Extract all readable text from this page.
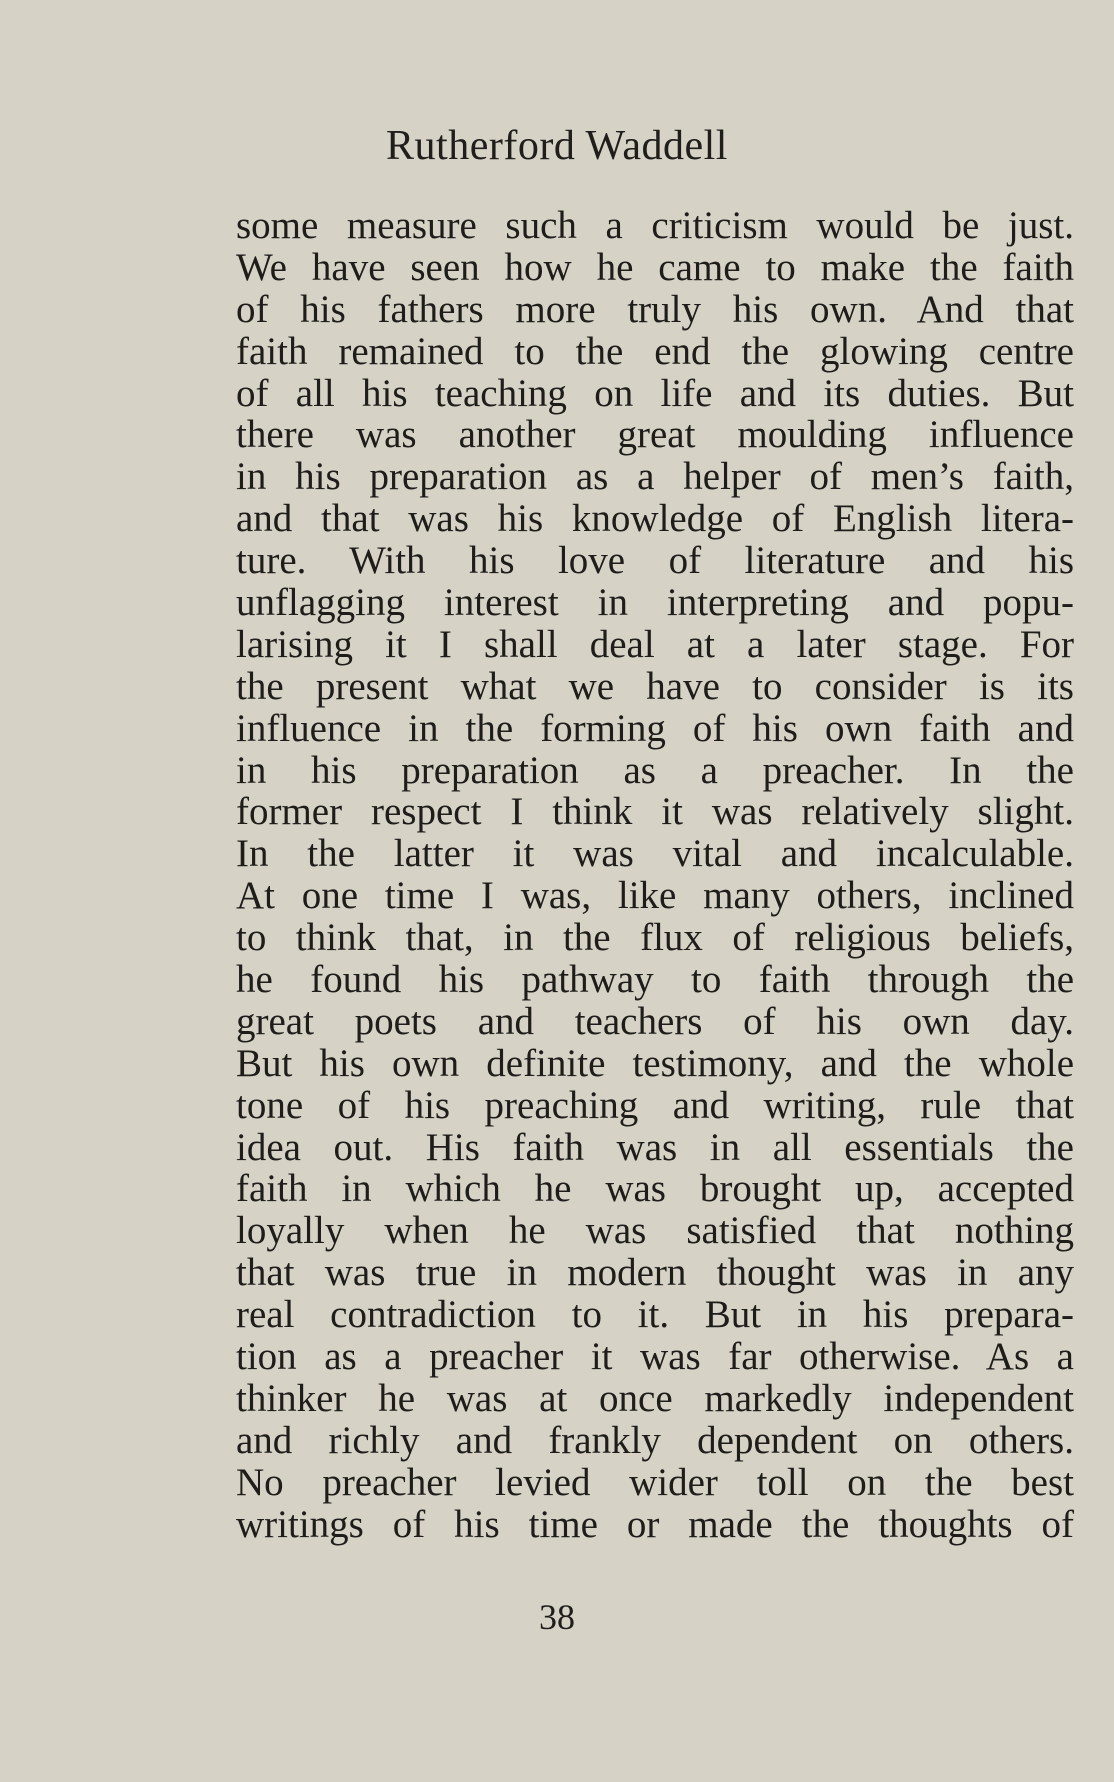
Rutherford Waddell
some measure such a criticism would be just.
We have seen how he came to make the faith
of his fathers more truly his own. And that
faith remained to the end the glowing centre
of all his teaching on life and its duties. But
there was another great moulding influence
in his preparation as a helper of men’s faith,
and that was his knowledge of English litera-
ture. With his love of literature and his
unflagging interest in interpreting and popu-
larising it I shall deal at a later stage. For
the present what we have to consider is its
influence in the forming of his own faith and
in his preparation as a preacher. In the
former respect I think it was relatively slight.
In the latter it was vital and incalculable.
At one time I was, like many others, inclined
to think that, in the flux of religious beliefs,
he found his pathway to faith through the
great poets and teachers of his own day.
But his own definite testimony, and the whole
tone of his preaching and writing, rule that
idea out. His faith was in all essentials the
faith in which he was brought up, accepted
loyally when he was satisfied that nothing
that was true in modern thought was in any
real contradiction to it. But in his prepara-
tion as a preacher it was far otherwise. As a
thinker he was at once markedly independent
and richly and frankly dependent on others.
No preacher levied wider toll on the best
writings of his time or made the thoughts of
38
